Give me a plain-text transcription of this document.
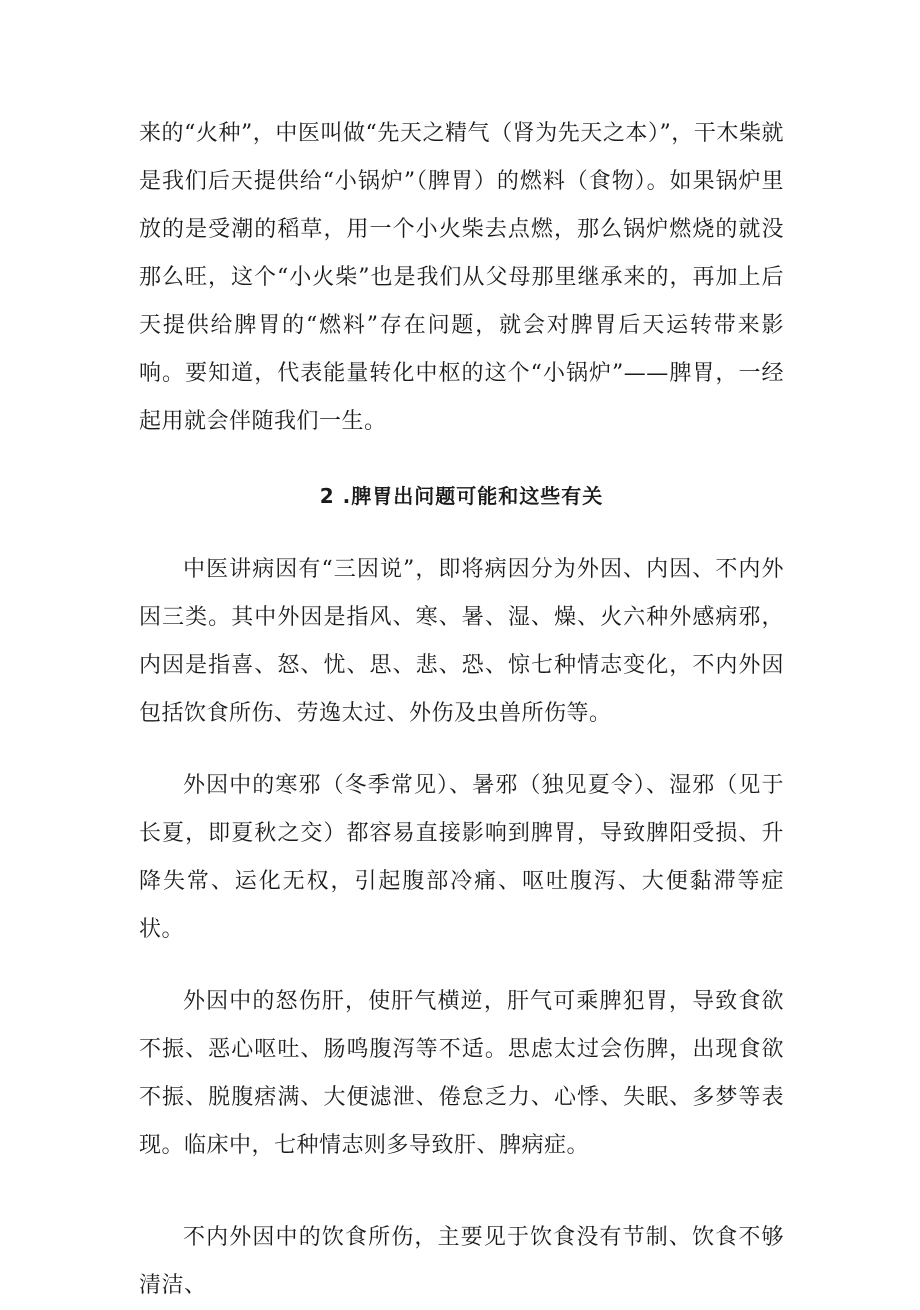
来的“火种”，中医叫做“先天之精气（肾为先天之本）”，干木柴就是我们后天提供给“小锅炉”（脾胃）的燃料（食物）。如果锅炉里放的是受潮的稻草，用一个小火柴去点燃，那么锅炉燃烧的就没那么旺，这个“小火柴”也是我们从父母那里继承来的，再加上后天提供给脾胃的“燃料”存在问题，就会对脾胃后天运转带来影响。要知道，代表能量转化中枢的这个“小锅炉”——脾胃，一经起用就会伴随我们一生。

2 .脾胃出问题可能和这些有关

中医讲病因有“三因说”，即将病因分为外因、内因、不内外因三类。其中外因是指风、寒、暑、湿、燥、火六种外感病邪，内因是指喜、怒、忧、思、悲、恐、惊七种情志变化，不内外因包括饮食所伤、劳逸太过、外伤及虫兽所伤等。

外因中的寒邪（冬季常见）、暑邪（独见夏令）、湿邪（见于长夏，即夏秋之交）都容易直接影响到脾胃，导致脾阳受损、升降失常、运化无权，引起腹部冷痛、呕吐腹泻、大便黏滞等症状。

外因中的怒伤肝，使肝气横逆，肝气可乘脾犯胃，导致食欲不振、恶心呕吐、肠鸣腹泻等不适。思虑太过会伤脾，出现食欲不振、脱腹痞满、大便滤泄、倦怠乏力、心悸、失眠、多梦等表现。临床中，七种情志则多导致肝、脾病症。

不内外因中的饮食所伤，主要见于饮食没有节制、饮食不够清洁、
